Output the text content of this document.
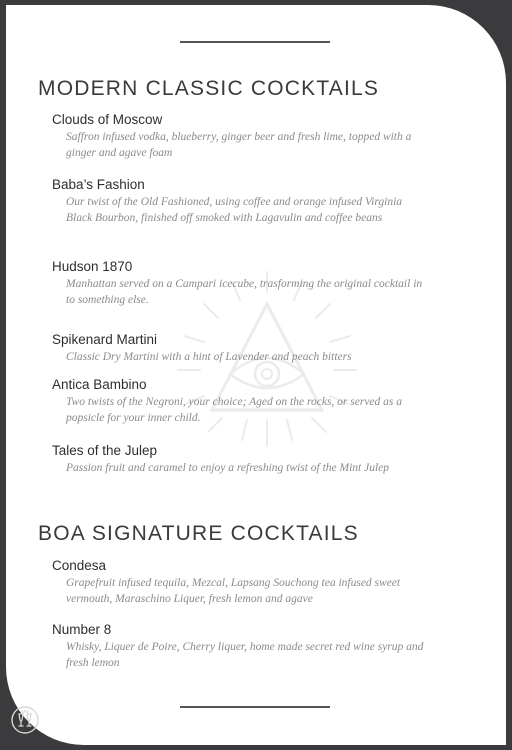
MODERN CLASSIC COCKTAILS
Clouds of Moscow
Saffron infused vodka, blueberry, ginger beer and fresh lime, topped with a ginger and agave foam
Baba’s Fashion
Our twist of the Old Fashioned, using coffee and orange infused Virginia Black Bourbon, finished off smoked with Lagavulin and coffee beans
Hudson 1870
Manhattan served on a Campari icecube, trasforming the original cocktail in to something else.
Spikenard Martini
Classic Dry Martini with a hint of Lavender and peach bitters
Antica Bambino
Two twists of the Negroni, your choice; Aged on the rocks, or served as a popsicle for your inner child.
Tales of the Julep
Passion fruit and caramel to enjoy a refreshing twist of the Mint Julep
BOA SIGNATURE COCKTAILS
Condesa
Grapefruit infused tequila, Mezcal, Lapsang Souchong tea infused sweet vermouth, Maraschino Liquer, fresh lemon and agave
Number 8
Whisky, Liquer de Poire, Cherry liquer, home made secret red wine syrup and fresh lemon
